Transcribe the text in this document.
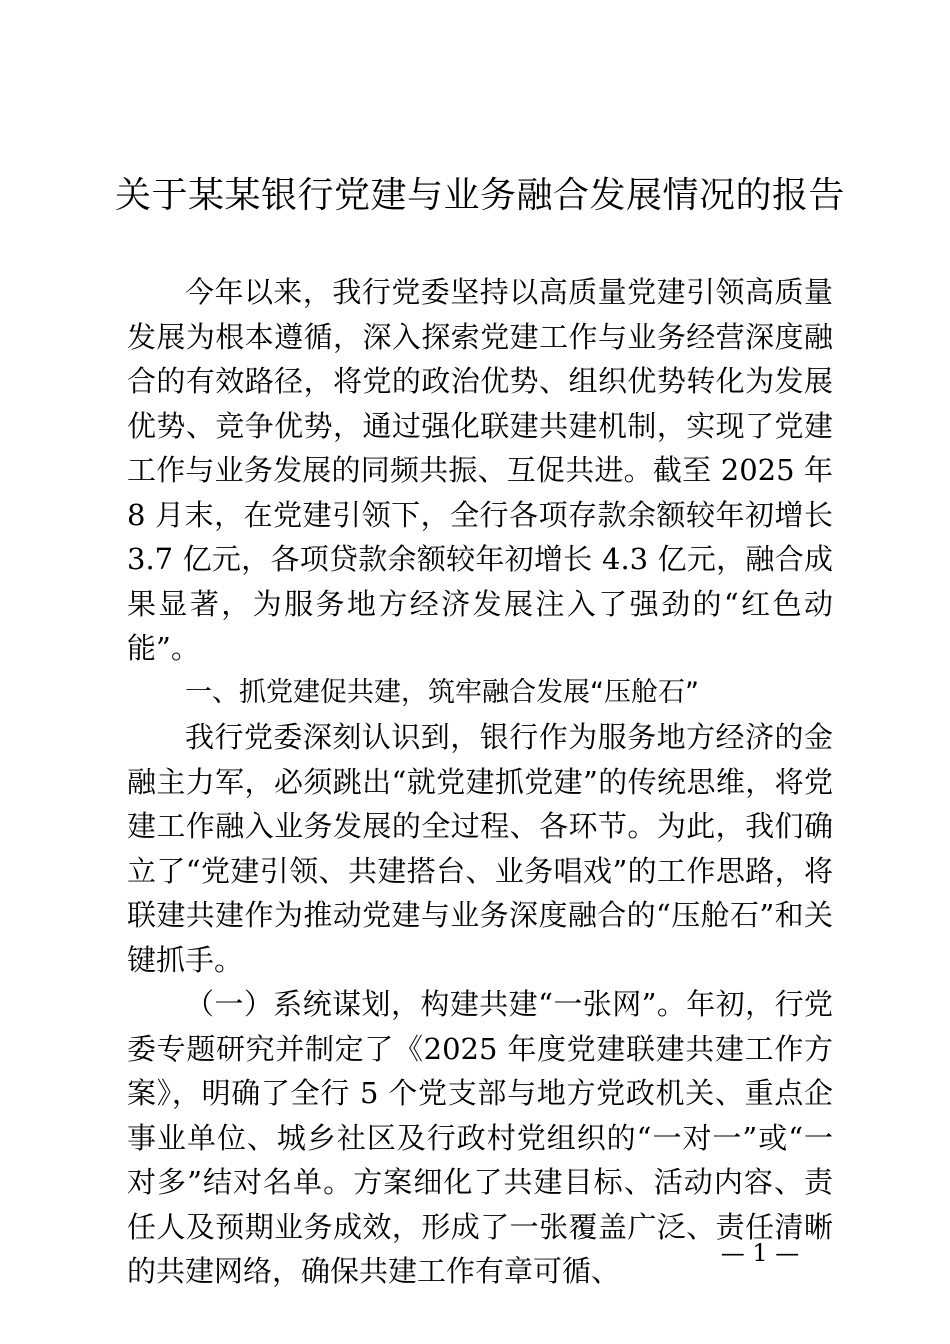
关于某某银行党建与业务融合发展情况的报告

今年以来，我行党委坚持以高质量党建引领高质量发展为根本遵循，深入探索党建工作与业务经营深度融合的有效路径，将党的政治优势、组织优势转化为发展优势、竞争优势，通过强化联建共建机制，实现了党建工作与业务发展的同频共振、互促共进。截至 2025 年 8 月末，在党建引领下，全行各项存款余额较年初增长 3.7 亿元，各项贷款余额较年初增长 4.3 亿元，融合成果显著，为服务地方经济发展注入了强劲的“红色动能”。

一、抓党建促共建，筑牢融合发展“压舱石”

我行党委深刻认识到，银行作为服务地方经济的金融主力军，必须跳出“就党建抓党建”的传统思维，将党建工作融入业务发展的全过程、各环节。为此，我们确立了“党建引领、共建搭台、业务唱戏”的工作思路，将联建共建作为推动党建与业务深度融合的“压舱石”和关键抓手。

（一）系统谋划，构建共建“一张网”。年初，行党委专题研究并制定了《2025 年度党建联建共建工作方案》，明确了全行 5 个党支部与地方党政机关、重点企事业单位、城乡社区及行政村党组织的“一对一”或“一对多”结对名单。方案细化了共建目标、活动内容、责任人及预期业务成效，形成了一张覆盖广泛、责任清晰的共建网络，确保共建工作有章可循、

— 1 —
